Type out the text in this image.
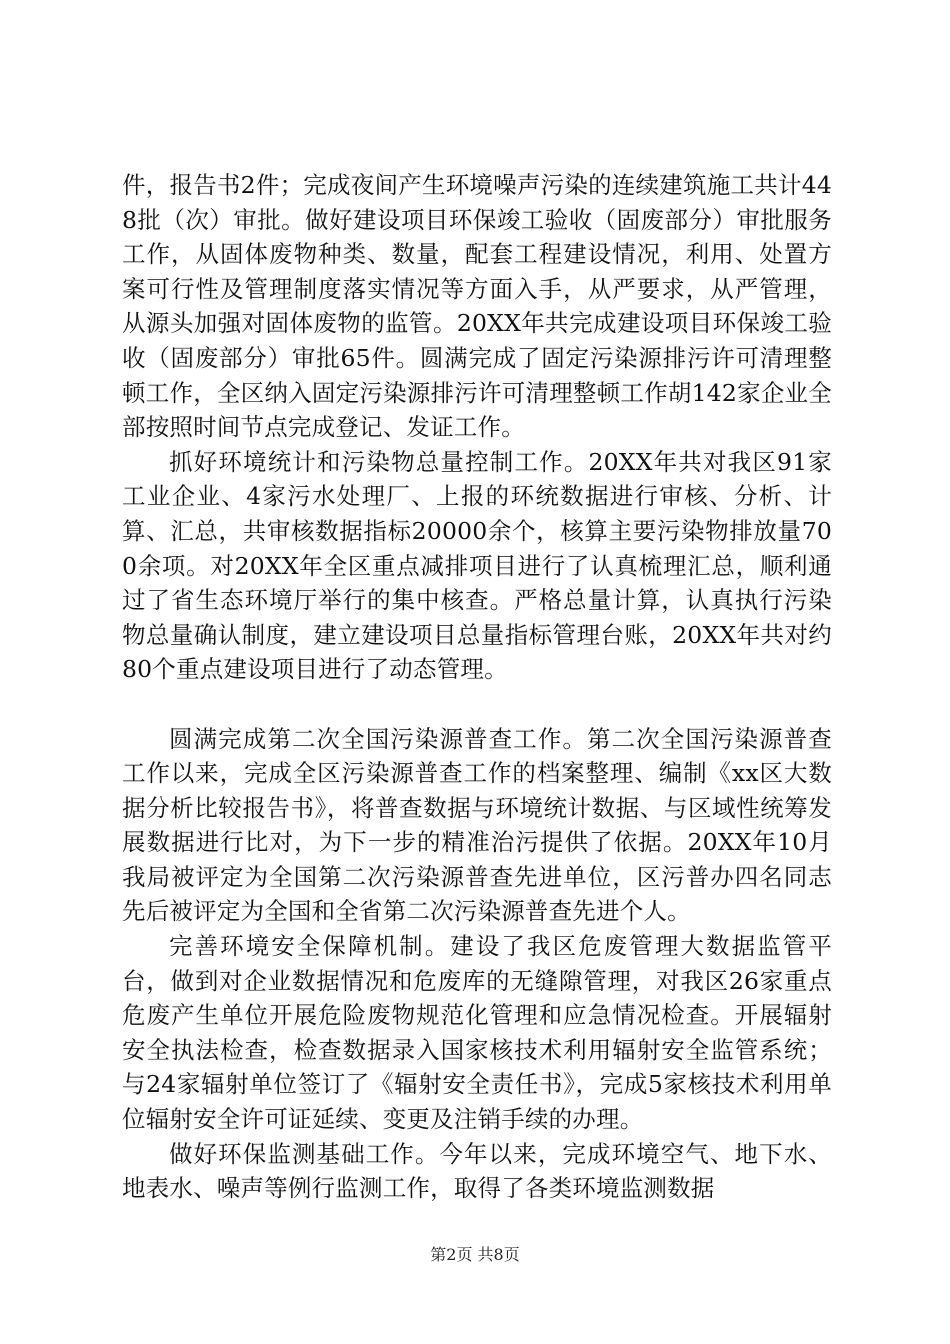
件，报告书2件；完成夜间产生环境噪声污染的连续建筑施工共计448批（次）审批。做好建设项目环保竣工验收（固废部分）审批服务工作，从固体废物种类、数量，配套工程建设情况，利用、处置方案可行性及管理制度落实情况等方面入手，从严要求，从严管理，从源头加强对固体废物的监管。20XX年共完成建设项目环保竣工验收（固废部分）审批65件。圆满完成了固定污染源排污许可清理整顿工作，全区纳入固定污染源排污许可清理整顿工作胡142家企业全部按照时间节点完成登记、发证工作。

抓好环境统计和污染物总量控制工作。20XX年共对我区91家工业企业、4家污水处理厂、上报的环统数据进行审核、分析、计算、汇总，共审核数据指标20000余个，核算主要污染物排放量700余项。对20XX年全区重点减排项目进行了认真梳理汇总，顺利通过了省生态环境厅举行的集中核查。严格总量计算，认真执行污染物总量确认制度，建立建设项目总量指标管理台账，20XX年共对约80个重点建设项目进行了动态管理。

圆满完成第二次全国污染源普查工作。第二次全国污染源普查工作以来，完成全区污染源普查工作的档案整理、编制《xx区大数据分析比较报告书》，将普查数据与环境统计数据、与区域性统筹发展数据进行比对，为下一步的精准治污提供了依据。20XX年10月我局被评定为全国第二次污染源普查先进单位，区污普办四名同志先后被评定为全国和全省第二次污染源普查先进个人。

完善环境安全保障机制。建设了我区危废管理大数据监管平台，做到对企业数据情况和危废库的无缝隙管理，对我区26家重点危废产生单位开展危险废物规范化管理和应急情况检查。开展辐射安全执法检查，检查数据录入国家核技术利用辐射安全监管系统；与24家辐射单位签订了《辐射安全责任书》，完成5家核技术利用单位辐射安全许可证延续、变更及注销手续的办理。

做好环保监测基础工作。今年以来，完成环境空气、地下水、地表水、噪声等例行监测工作，取得了各类环境监测数据

第2页 共8页
